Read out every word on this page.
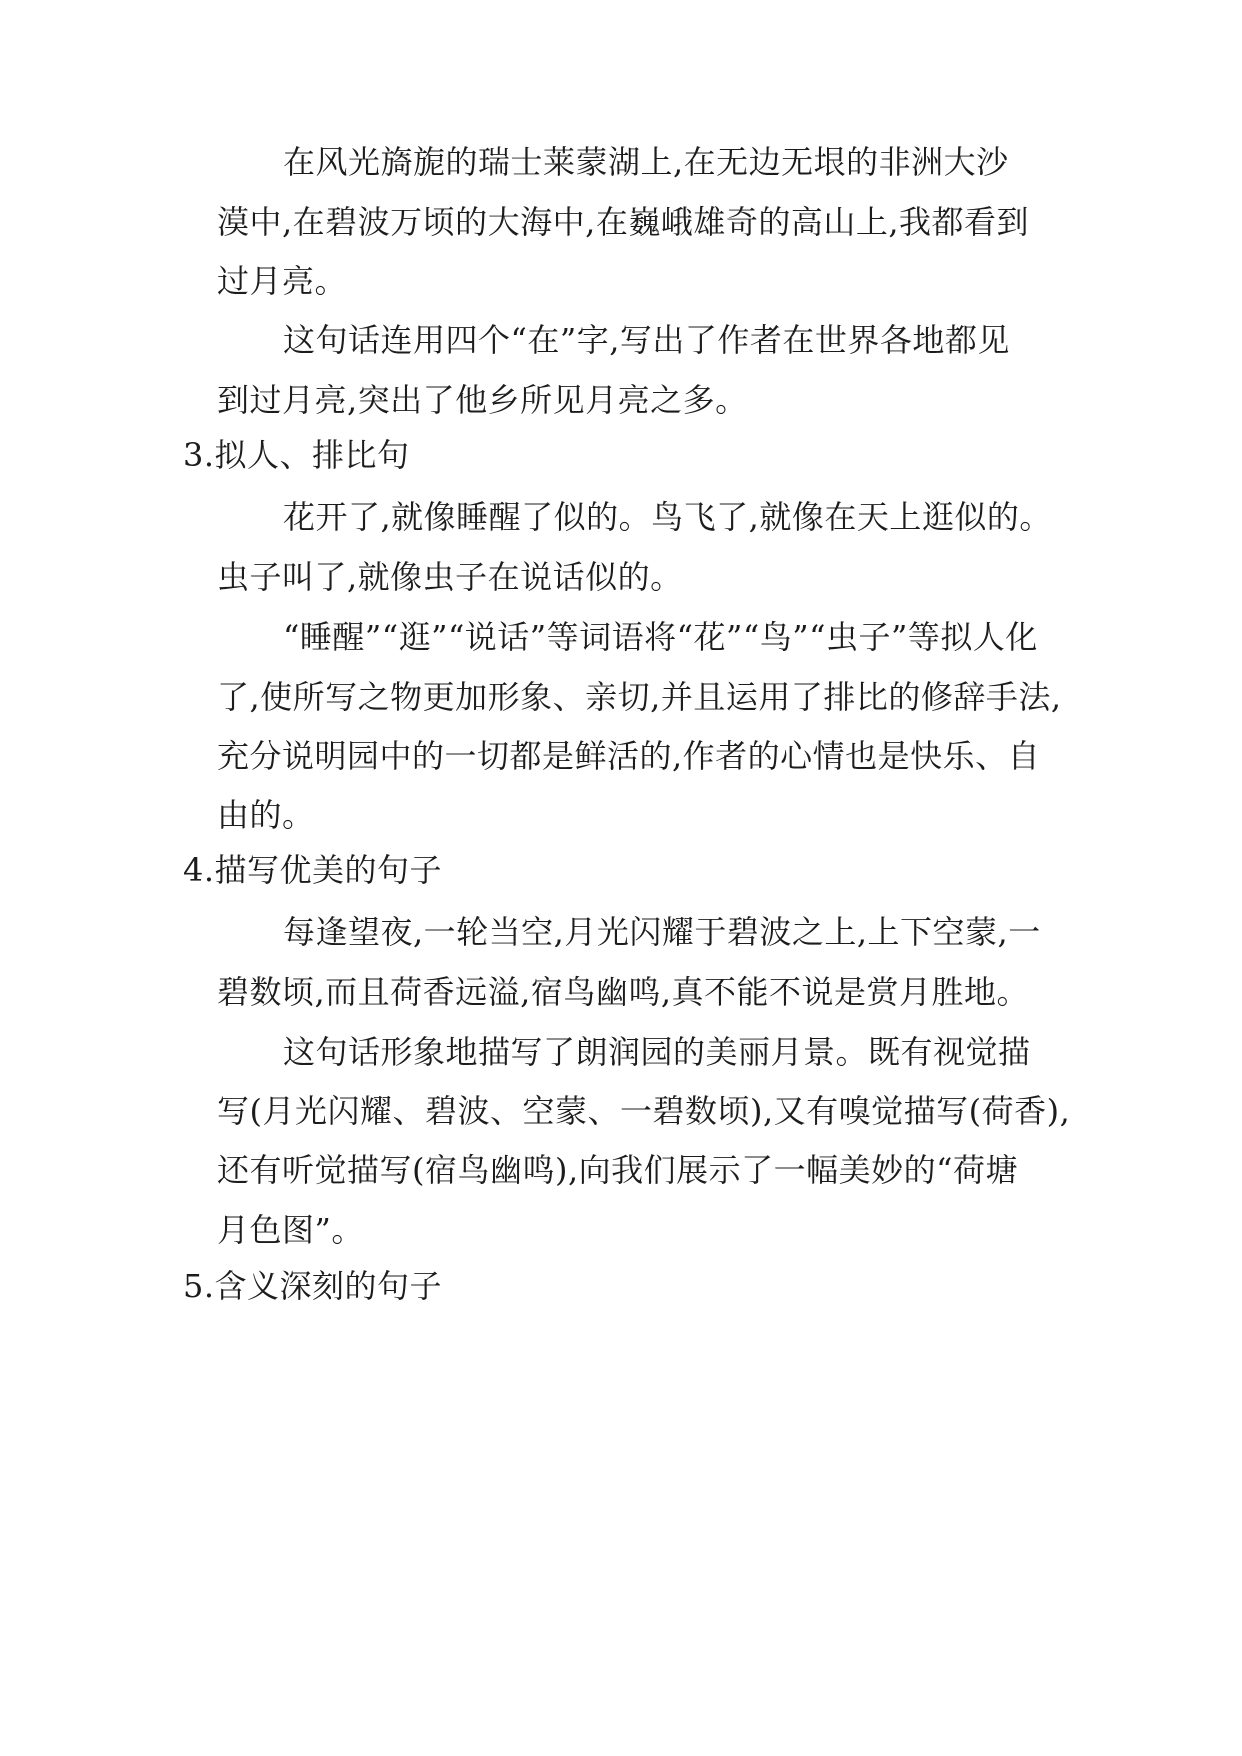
在风光旖旎的瑞士莱蒙湖上,在无边无垠的非洲大沙
漠中,在碧波万顷的大海中,在巍峨雄奇的高山上,我都看到
过月亮。
这句话连用四个“在”字,写出了作者在世界各地都见
到过月亮,突出了他乡所见月亮之多。
3.拟人、排比句
花开了,就像睡醒了似的。鸟飞了,就像在天上逛似的。
虫子叫了,就像虫子在说话似的。
“睡醒”“逛”“说话”等词语将“花”“鸟”“虫子”等拟人化
了,使所写之物更加形象、亲切,并且运用了排比的修辞手法,
充分说明园中的一切都是鲜活的,作者的心情也是快乐、自
由的。
4.描写优美的句子
每逢望夜,一轮当空,月光闪耀于碧波之上,上下空蒙,一
碧数顷,而且荷香远溢,宿鸟幽鸣,真不能不说是赏月胜地。
这句话形象地描写了朗润园的美丽月景。既有视觉描
写(月光闪耀、碧波、空蒙、一碧数顷),又有嗅觉描写(荷香),
还有听觉描写(宿鸟幽鸣),向我们展示了一幅美妙的“荷塘
月色图”。
5.含义深刻的句子
